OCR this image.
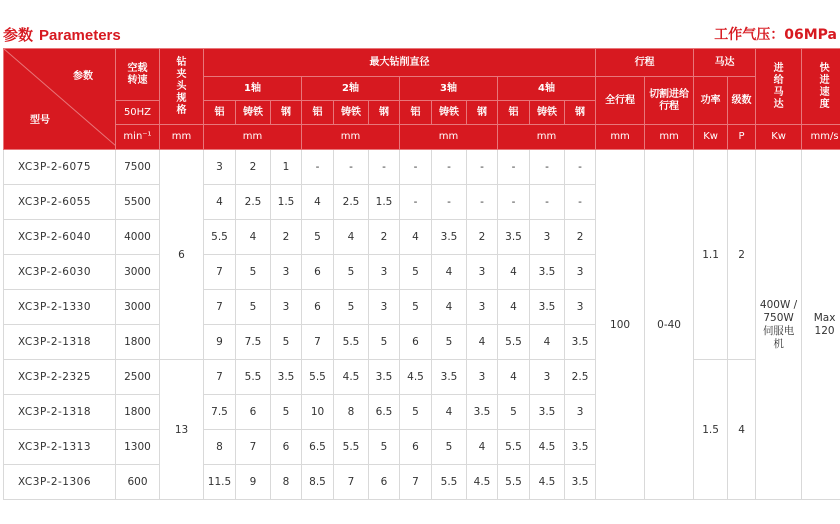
参数 Parameters	工作气压：06MPa
参数
型号	空载转速	钻夹头规格	最大钻削直径												行程		马达		进给马达	快进速度

			1轴			2轴			3轴			4轴			全行程	切割进给行程	功率	级数		
	50HZ		铝	铸铁	钢	铝	铸铁	钢	铝	铸铁	钢	铝	铸铁	钢						
	min⁻¹	mm	mm			mm			mm			mm			mm	mm	Kw	P	Kw	mm/s
XC3P-2-6075	7500	6	3	2	1	-	-	-	-	-	-	-	-	-	100	0-40	1.1	2	400W / 750W 伺服电机	Max 120

XC3P-2-6055	5500		4	2.5	1.5	4	2.5	1.5	-	-	-	-	-	-						
XC3P-2-6040	4000		5.5	4	2	5	4	2	4	3.5	2	3.5	3	2						
XC3P-2-6030	3000		7	5	3	6	5	3	5	4	3	4	3.5	3						
XC3P-2-1330	3000		7	5	3	6	5	3	5	4	3	4	3.5	3						
XC3P-2-1318	1800		9	7.5	5	7	5.5	5	6	5	4	5.5	4	3.5						
XC3P-2-2325	2500	13	7	5.5	3.5	5.5	4.5	3.5	4.5	3.5	3	4	3	2.5			1.5	4		
XC3P-2-1318	1800		7.5	6	5	10	8	6.5	5	4	3.5	5	3.5	3						
XC3P-2-1313	1300		8	7	6	6.5	5.5	5	6	5	4	5.5	4.5	3.5						
XC3P-2-1306	600		11.5	9	8	8.5	7	6	7	5.5	4.5	5.5	4.5	3.5						
